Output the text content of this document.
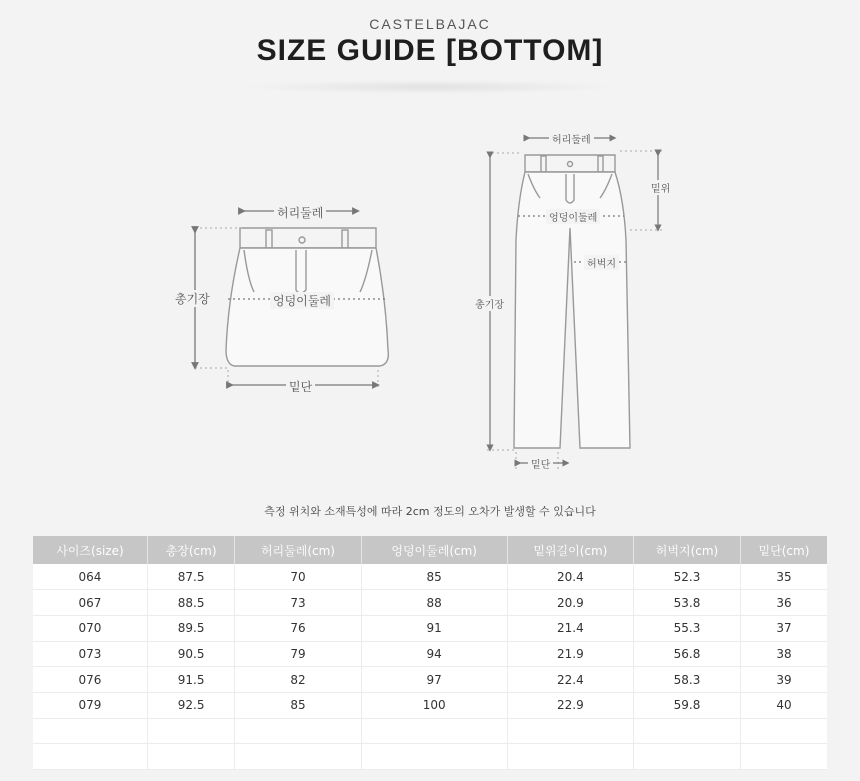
CASTELBAJAC
SIZE GUIDE [BOTTOM]
허리둘레
엉덩이둘레
총기장
밑단
허리둘레
밑위
엉덩이둘레
허벅지
총기장
밑단
측정 위치와 소재특성에 따라 2cm 정도의 오차가 발생할 수 있습니다
사이즈(size)	총장(cm)	허리둘레(cm)	엉덩이둘레(cm)	밑위길이(cm)	허벅지(cm)	밑단(cm)
064	87.5	70	85	20.4	52.3	35
067	88.5	73	88	20.9	53.8	36
070	89.5	76	91	21.4	55.3	37
073	90.5	79	94	21.9	56.8	38
076	91.5	82	97	22.4	58.3	39
079	92.5	85	100	22.9	59.8	40
